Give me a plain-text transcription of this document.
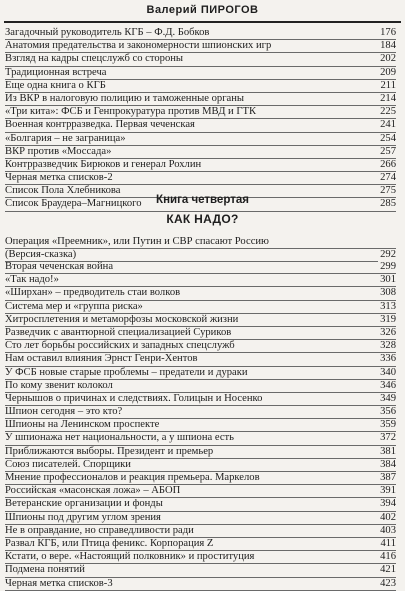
Валерий ПИРОГОВ
Загадочный руководитель КГБ – Ф.Д. Бобков	176
Анатомия предательства и закономерности шпионских игр	184
Взгляд на кадры спецслужб со стороны	202
Традиционная встреча	209
Еще одна книга о КГБ	211
Из ВКР в налоговую полицию и таможенные органы	214
«Три кита»: ФСБ и Генпрокуратура против МВД и ГТК	225
Военная контрразведка. Первая чеченская	241
«Болгария – не заграница»	254
ВКР против «Моссада»	257
Контрразведчик Бирюков и генерал Рохлин	266
Черная метка списков-2	274
Список Пола Хлебникова	275
Список Браудера–Магницкого	285
Книга четвертая
КАК НАДО?
Операция «Преемник», или Путин и СВР спасают Россию
(Версия-сказка)	292
Вторая чеченская война	299
«Так надо!»	301
«Ширхан» – предводитель стаи волков	308
Система мер и «группа риска»	313
Хитросплетения и метаморфозы московской жизни	319
Разведчик с авантюрной специализацией Суриков	326
Сто лет борьбы российских и западных спецслужб	328
Нам оставил влияния Эрнст Генри-Хентов	336
У ФСБ новые старые проблемы – предатели и дураки	340
По кому звенит колокол	346
Чернышов о причинах и следствиях. Голицын и Носенко	349
Шпион сегодня – это кто?	356
Шпионы на Ленинском проспекте	359
У шпионажа нет национальности, а у шпиона есть	372
Приближаются выборы. Президент и премьер	381
Союз писателей. Спорщики	384
Мнение профессионалов и реакция премьера. Маркелов	387
Российская «масонская ложа» – АБОП	391
Ветеранские организации и фонды	394
Шпионы под другим углом зрения	402
Не в оправдание, но справедливости ради	403
Развал КГБ, или Птица феникс. Корпорация Z	411
Кстати, о вере. «Настоящий полковник» и проституция	416
Подмена понятий	421
Черная метка списков-3	423
